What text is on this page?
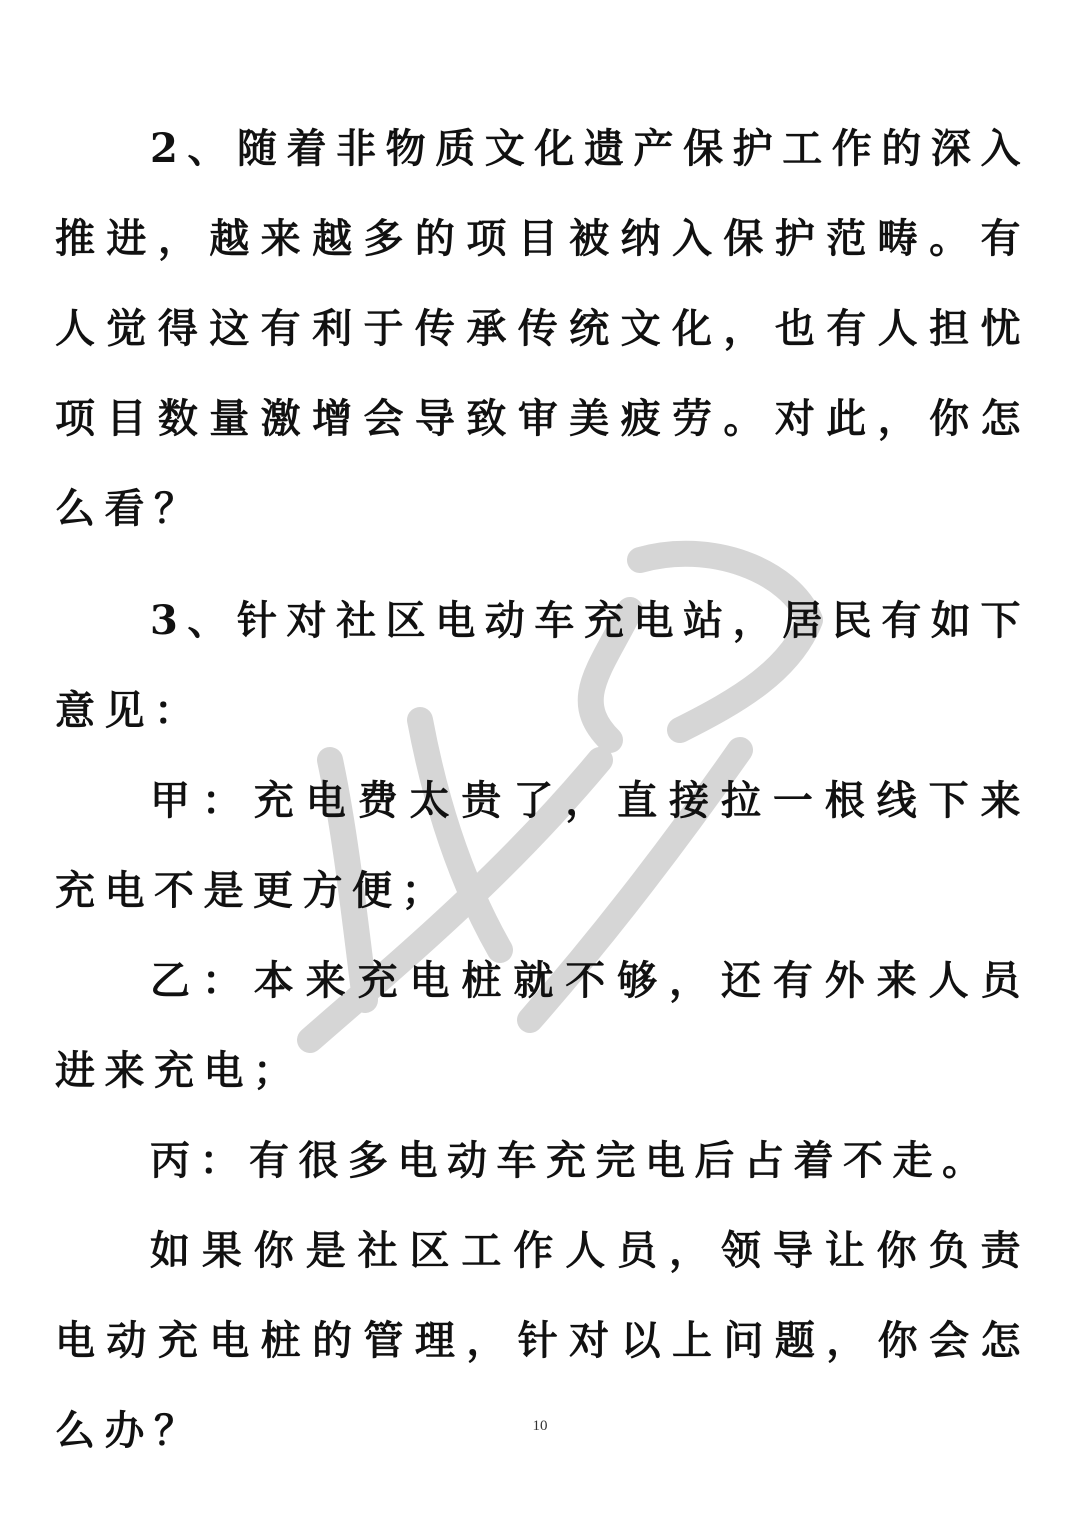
2、随着非物质文化遗产保护工作的深入推进，越来越多的项目被纳入保护范畴。有人觉得这有利于传承传统文化，也有人担忧项目数量激增会导致审美疲劳。对此，你怎么看？

3、针对社区电动车充电站，居民有如下意见：

甲：充电费太贵了，直接拉一根线下来充电不是更方便；

乙：本来充电桩就不够，还有外来人员进来充电；

丙：有很多电动车充完电后占着不走。

如果你是社区工作人员，领导让你负责电动充电桩的管理，针对以上问题，你会怎么办？	10
